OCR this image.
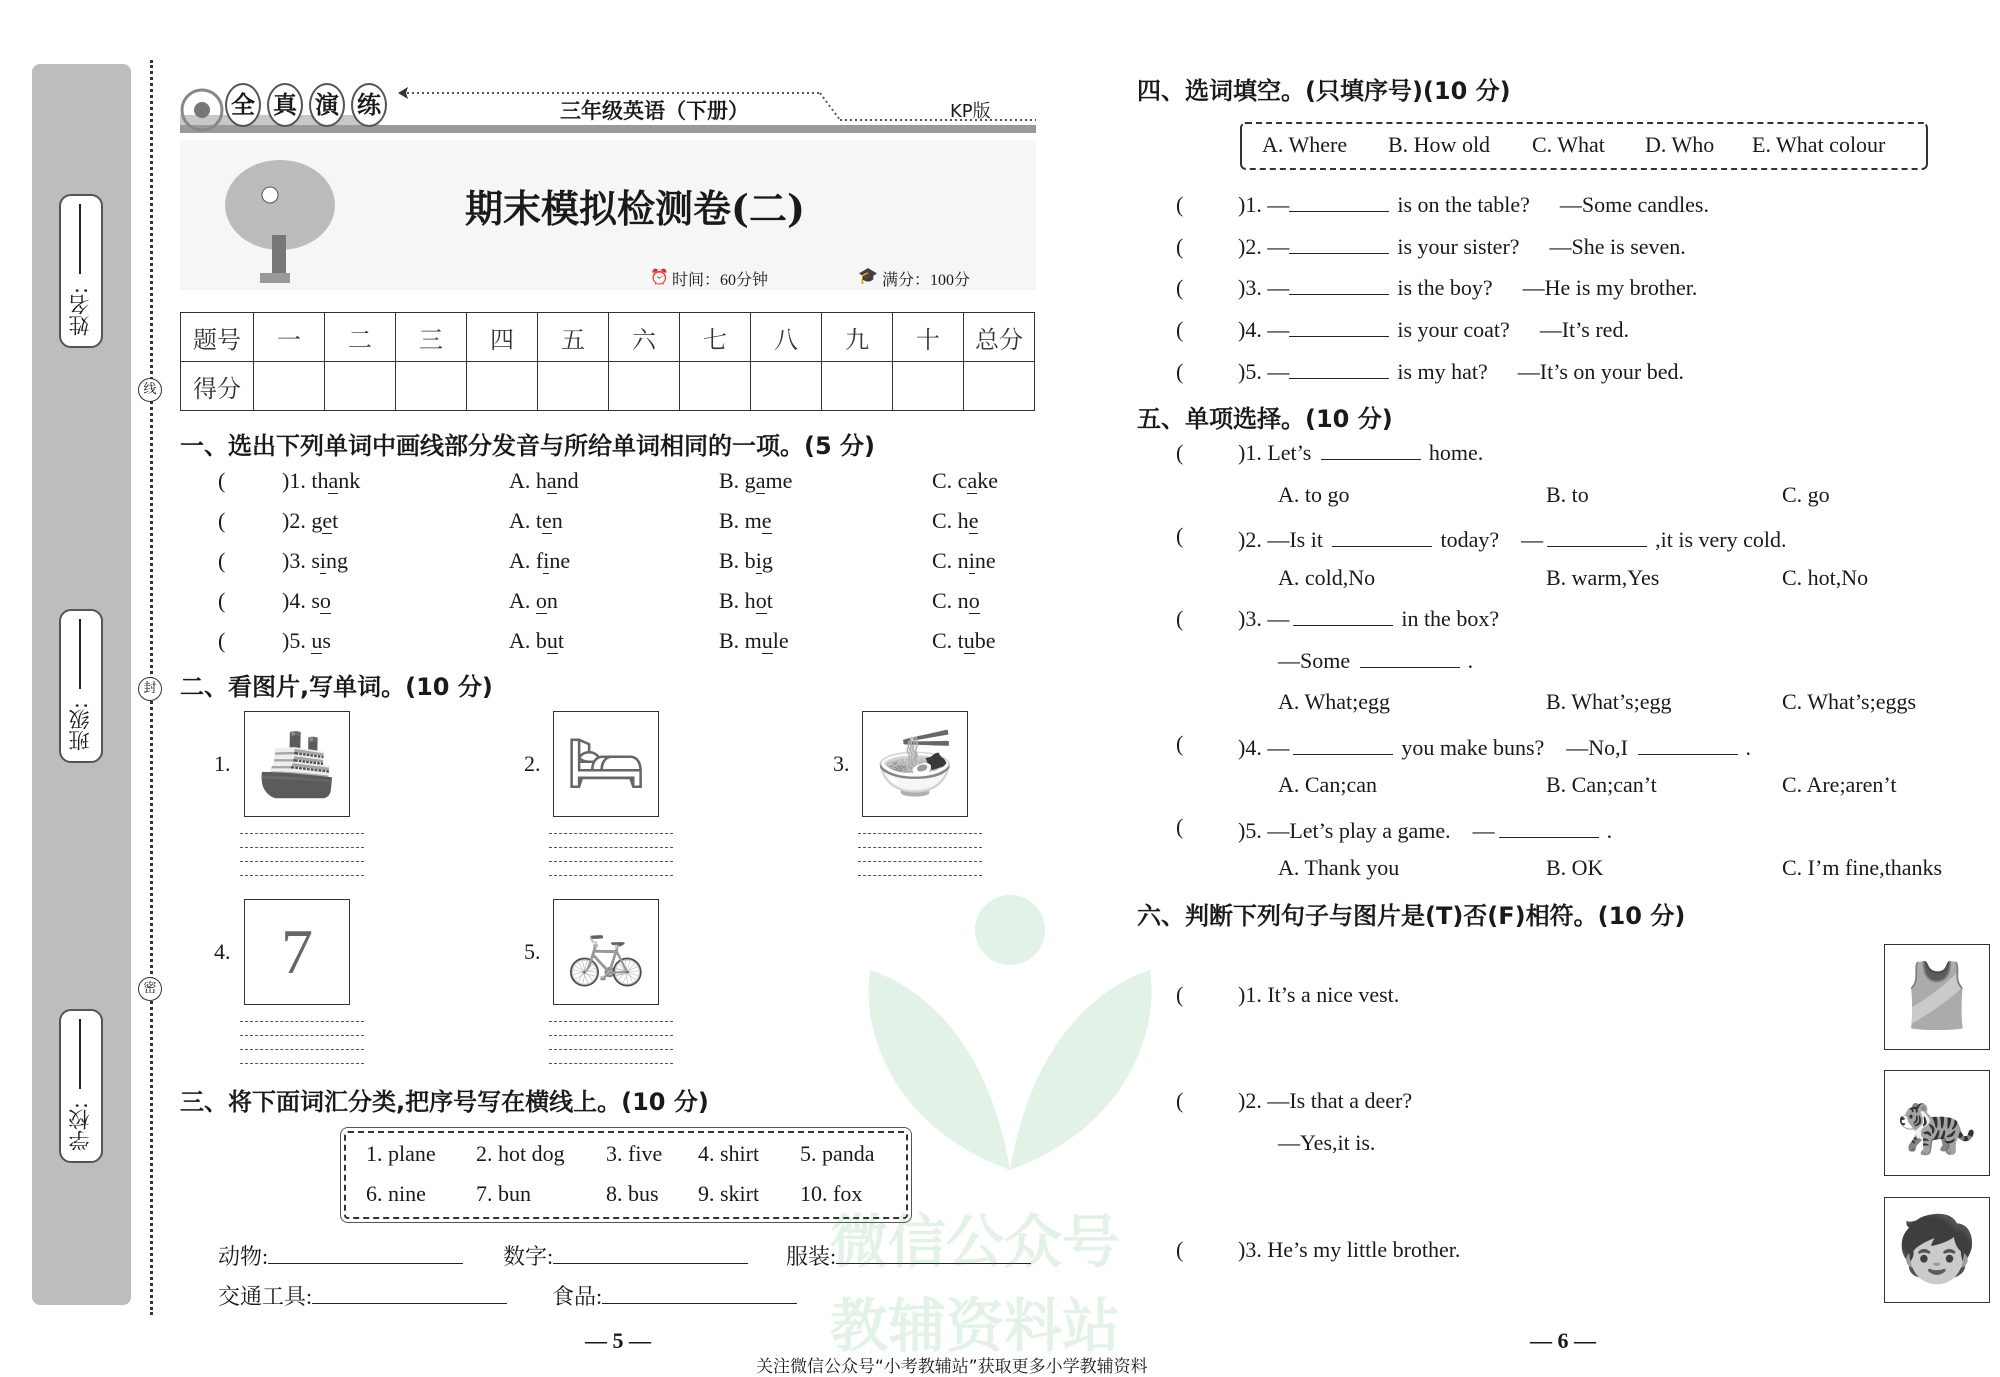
姓名:
班级:
学校:
线
封
密
全 真 演 练	三年级英语（下册）	KP版
期末模拟检测卷(二)
⏰ 时间：60分钟	🎓 满分：100分
题号	一	二	三	四	五	六	七	八	九	十	总分
得分											
一、选出下列单词中画线部分发音与所给单词相同的一项。(5 分)
(	)1. thank	A. hand	B. game	C. cake
(	)2. get	A. ten	B. me	C. he
(	)3. sing	A. fine	B. big	C. nine
(	)4. so	A. on	B. hot	C. no
(	)5. us	A. but	B. mule	C. tube
二、看图片,写单词。(10 分)
1. 🚢	2. 🛏	3. 🍜
4. 7	5. 🚲
三、将下面词汇分类,把序号写在横线上。(10 分)
1. plane 2. hot dog 3. five 4. shirt 5. panda
6. nine 7. bun	8. bus 9. skirt 10. fox
动物:	数字:	服装:
交通工具:	食品:
— 5 —
四、选词填空。(只填序号)(10 分)
A. Where B. How old C. What D. Who E. What colour
( )1. —	is on the table? —Some candles.
( )2. —	is your sister? —She is seven.
( )3. —	is the boy? —He is my brother.
( )4. —	is your coat? —It’s red.
( )5. —	is my hat? —It’s on your bed.
五、单项选择。(10 分)
( )1. Let’s	home.
A. to go	B. to	C. go
( )2. —Is it	today?　—	,it is very cold.
A. cold,No	B. warm,Yes	C. hot,No
( )3. —	in the box?
—Some	.
A. What;egg	B. What’s;egg	C. What’s;eggs
( )4. —	you make buns?　—No,I	.
A. Can;can	B. Can;can’t	C. Are;aren’t
( )5. —Let’s play a game.　—	.
A. Thank you	B. OK	C. I’m fine,thanks
六、判断下列句子与图片是(T)否(F)相符。(10 分)
( )1. It’s a nice vest.
( )2. —Is that a deer?
—Yes,it is.
( )3. He’s my little brother.
🎽
🐅
🧒
— 6 —
关注微信公众号“小考教辅站”获取更多小学教辅资料
微信公众号
教辅资料站
